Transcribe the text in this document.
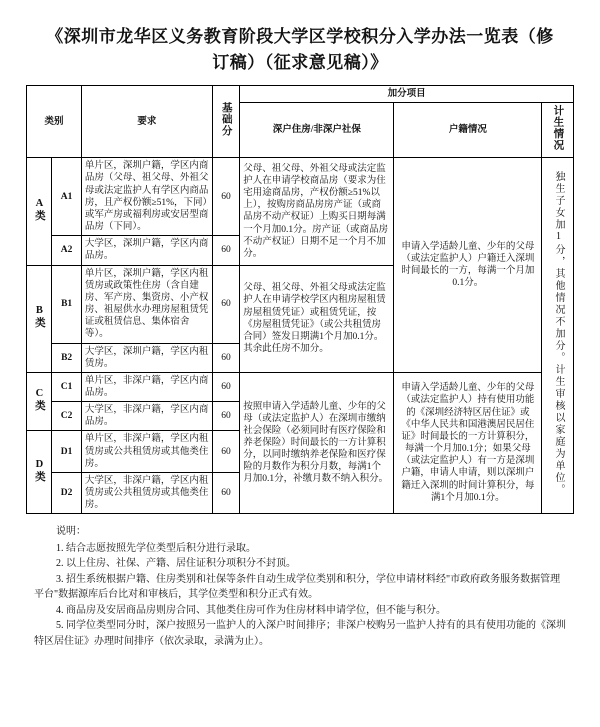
《深圳市龙华区义务教育阶段大学区学校积分入学办法一览表（修订稿）（征求意见稿）》
类别		要求	基础分	加分项目		
				深户住房/非深户社保	户籍情况	计生情况
A类	A1	单片区，深圳户籍，学区内商品房（父母、祖父母、外祖父母或法定监护人有学区内商品房，且产权份额≥51%，下同）或军产房或福利房或安居型商品房（下同）。	60	父母、祖父母、外祖父母或法定监护人在申请学校商品房（要求为住宅用途商品房，产权份额≥51%以上），按购房商品房房产证（或商品房不动产权证）上购买日期每满一个月加0.1分。房产证（或商品房不动产权证）日期不足一个月不加分。	申请入学适龄儿童、少年的父母（或法定监护人）户籍迁入深圳时间最长的一方，每满一个月加0.1分。	独生子女加1分，其他情况不加分。计生审核以家庭为单位。
	A2	大学区，深圳户籍，学区内商品房。	60			
B类	B1	单片区，深圳户籍，学区内租赁房或政策性住房（含自建房、军产房、集资房、小产权房、祖屋供水办理房屋租赁凭证或租赁信息、集体宿舍等）。	60	父母、祖父母、外祖父母或法定监护人在申请学校学区内租房屋租赁房屋租赁凭证）或租赁凭证，按《房屋租赁凭证》（或公共租赁房合同）签发日期满1个月加0.1分。其余此任房不加分。		
	B2	大学区，深圳户籍，学区内租赁房。	60			
C类	C1	单片区，非深户籍，学区内商品房。	60	按照申请入学适龄儿童、少年的父母（或法定监护人）在深圳市缴纳社会保险（必须同时有医疗保险和养老保险）时间最长的一方计算积分，以同时缴纳养老保险和医疗保险的月数作为积分月数，每满1个月加0.1分，补缴月数不纳入积分。	申请入学适龄儿童、少年的父母（或法定监护人）持有使用功能的《深圳经济特区居住证》或《中华人民共和国港澳居民居住证》时间最长的一方计算积分，每满一个月加0.1分；如果父母（或法定监护人）有一方是深圳户籍，申请人申请，则以深圳户籍迁入深圳的时间计算积分，每满1个月加0.1分。	
	C2	大学区，非深户籍，学区内商品房。	60			
D类	D1	单片区，非深户籍，学区内租赁房或公共租赁房或其他类住房。	60			
	D2	大学区，非深户籍，学区内租赁房或公共租赁房或其他类住房。	60			
说明：
1. 结合志愿按照先学位类型后积分进行录取。
2. 以上住房、社保、产籍、居住证积分项积分不封顶。
3. 招生系统根据户籍、住房类别和社保等条件自动生成学位类别和积分，学位申请材料经"市政府政务服务数据管理平台"数据源库后台比对和审核后，其学位类型和积分正式有效。
4. 商品房及安居商品房则房合同、其他类住房可作为住房材料申请学位，但不能与积分。
5. 同学位类型同分时，深户按照另一监护人的入深户时间排序；非深户校购另一监护人持有的具有使用功能的《深圳特区居住证》办理时间排序（依次录取，录满为止）。
